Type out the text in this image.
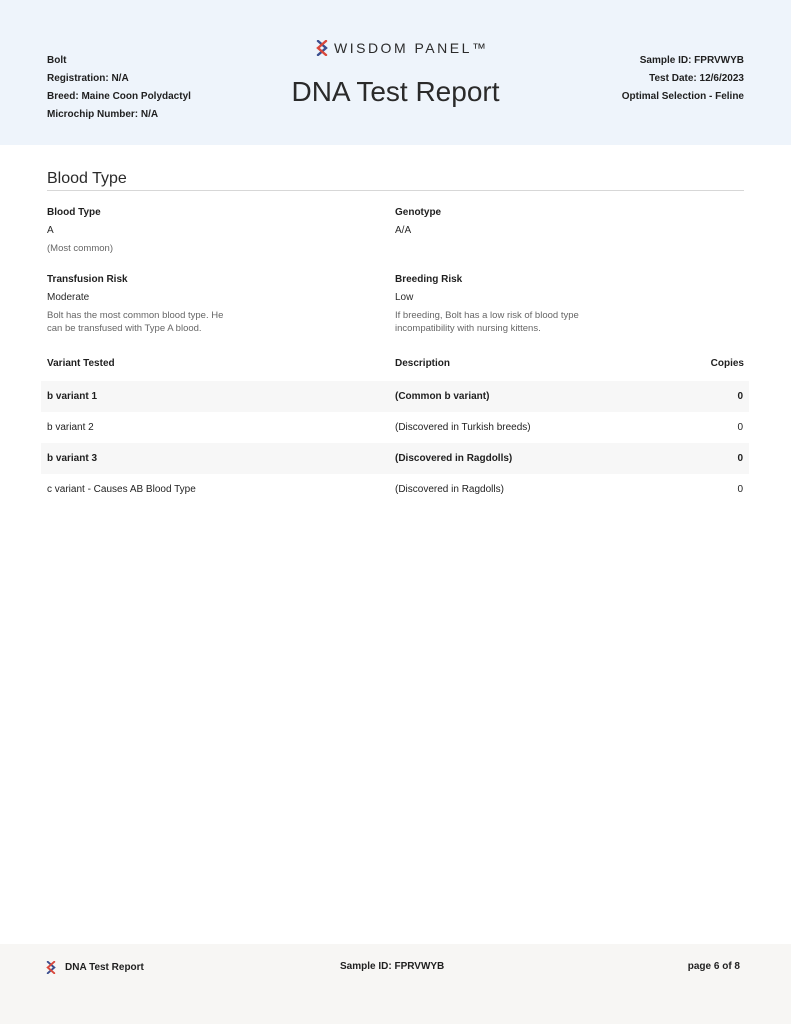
Bolt
Registration: N/A
Breed: Maine Coon Polydactyl
Microchip Number: N/A
WISDOM PANEL™
DNA Test Report
Sample ID: FPRVWYB
Test Date: 12/6/2023
Optimal Selection - Feline
Blood Type
Blood Type
A
(Most common)
Genotype
A/A
Transfusion Risk
Moderate
Bolt has the most common blood type. He
can be transfused with Type A blood.
Breeding Risk
Low
If breeding, Bolt has a low risk of blood type
incompatibility with nursing kittens.
Variant Tested	Description	Copies
b variant 1	(Common b variant)	0
b variant 2	(Discovered in Turkish breeds)	0
b variant 3	(Discovered in Ragdolls)	0
c variant - Causes AB Blood Type	(Discovered in Ragdolls)	0
DNA Test Report	Sample ID: FPRVWYB	page 6 of 8
